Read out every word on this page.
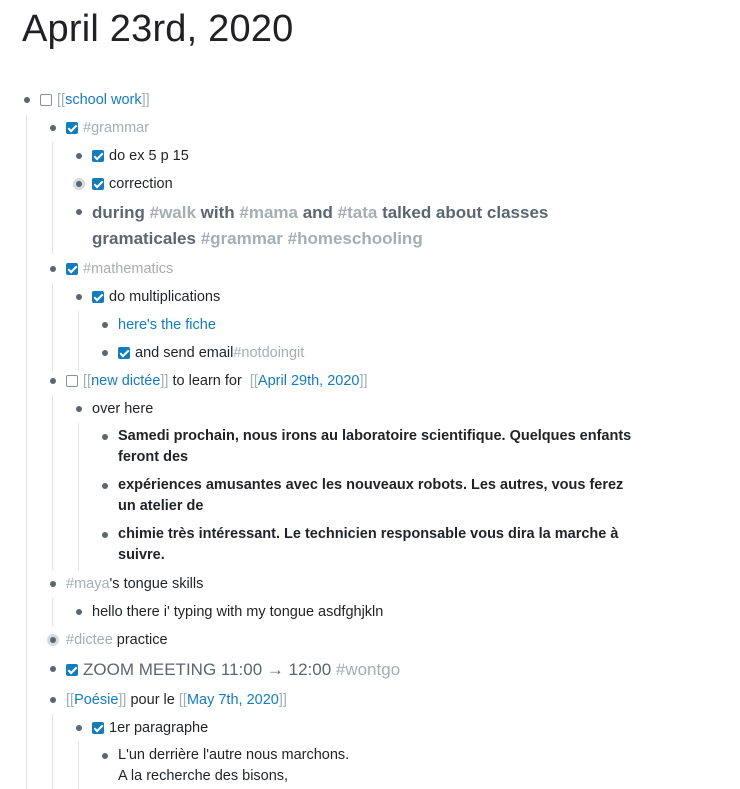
April 23rd, 2020
[[ school work ]]
#grammar
do ex 5 p 15
correction
during #walk with #mama and #tata talked about classes
gramaticales #grammar #homeschooling
#mathematics
do multiplications
here's the fiche
and send email #notdoingit
[[ new dictée ]] to learn for
[[ April 29th, 2020 ]]
over here
Samedi prochain, nous irons au laboratoire scientifique. Quelques enfants
feront des
expériences amusantes avec les nouveaux robots. Les autres, vous ferez
un atelier de
chimie très intéressant. Le technicien responsable vous dira la marche à
suivre.
#maya 's tongue skills
hello there i' typing with my tongue asdfghjkln
#dictee practice
ZOOM MEETING 11:00 → 12:00 #wontgo
[[ Poésie ]] pour le [[ May 7th, 2020 ]]
1er paragraphe
L'un derrière l'autre nous marchons.
A la recherche des bisons,
